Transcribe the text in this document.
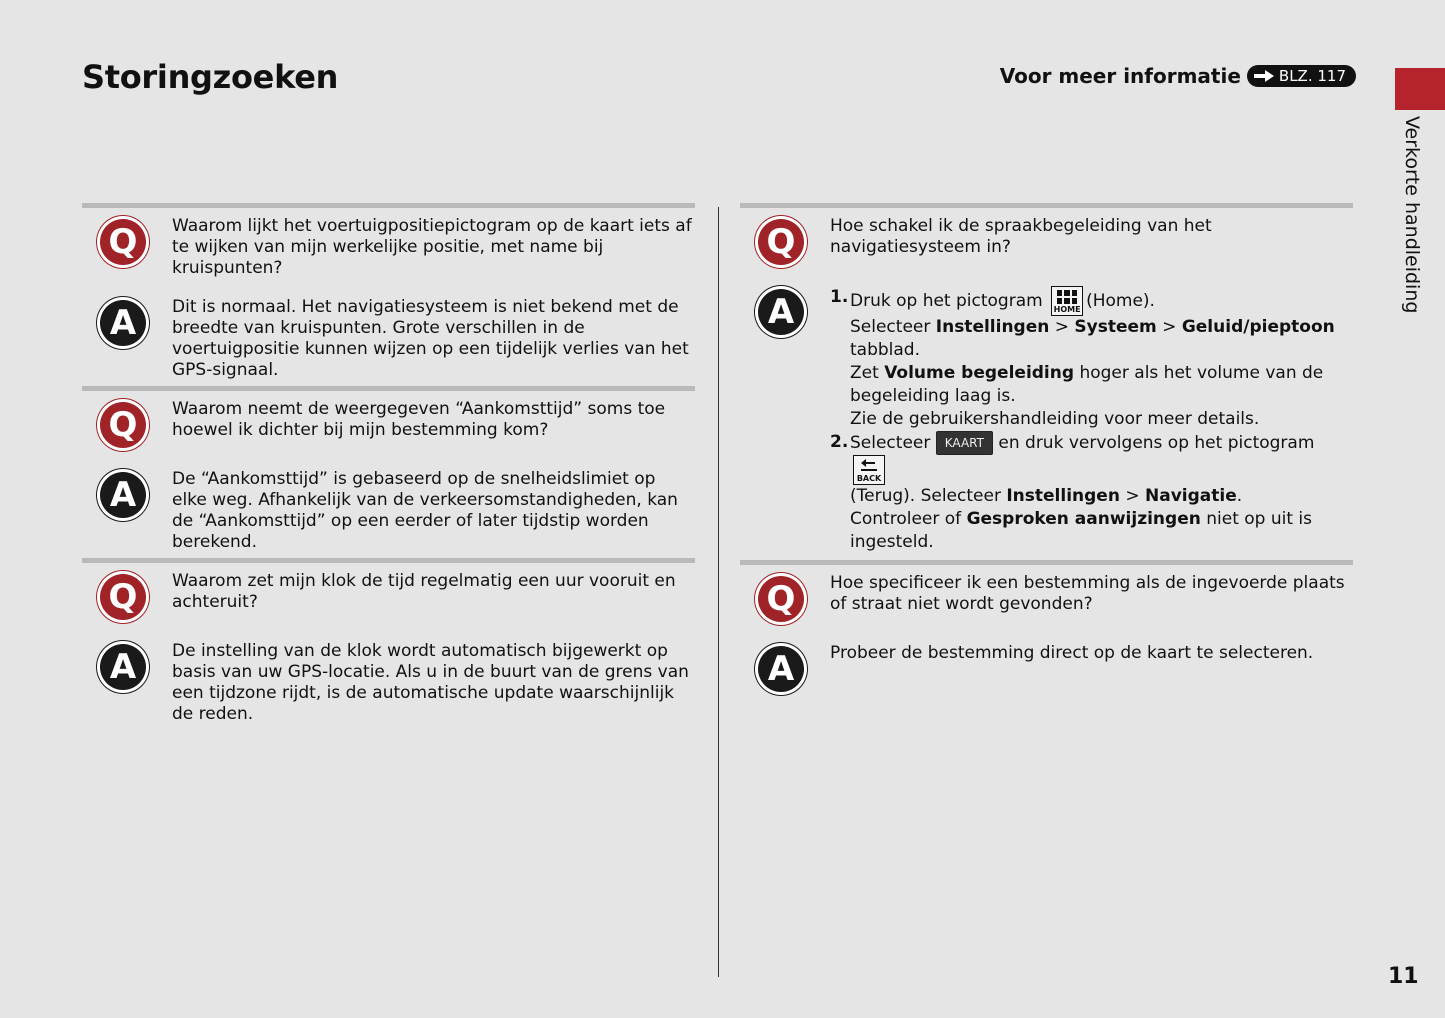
Storingzoeken	Voor meer informatie	BLZ. 117
Verkorte handleiding
Q	Waarom lijkt het voertuigpositiepictogram op de kaart iets af te wijken van mijn werkelijke positie, met name bij kruispunten?
A	Dit is normaal. Het navigatiesysteem is niet bekend met de breedte van kruispunten. Grote verschillen in de voertuigpositie kunnen wijzen op een tijdelijk verlies van het GPS-signaal.
Q	Waarom neemt de weergegeven “Aankomsttijd” soms toe hoewel ik dichter bij mijn bestemming kom?
A	De “Aankomsttijd” is gebaseerd op de snelheidslimiet op elke weg. Afhankelijk van de verkeersomstandigheden, kan de “Aankomsttijd” op een eerder of later tijdstip worden berekend.
Q	Waarom zet mijn klok de tijd regelmatig een uur vooruit en achteruit?
A	De instelling van de klok wordt automatisch bijgewerkt op basis van uw GPS-locatie. Als u in de buurt van de grens van een tijdzone rijdt, is de automatische update waarschijnlijk de reden.
Q	Hoe schakel ik de spraakbegeleiding van het navigatiesysteem in?
A	1. Druk op het pictogram HOME (Home).
Selecteer Instellingen > Systeem > Geluid/pieptoon tabblad.
Zet Volume begeleiding hoger als het volume van de begeleiding laag is.
Zie de gebruikershandleiding voor meer details.
2. Selecteer KAART en druk vervolgens op het pictogram
BACK

(Terug). Selecteer Instellingen > Navigatie.
Controleer of Gesproken aanwijzingen niet op uit is ingesteld.
Q	Hoe specificeer ik een bestemming als de ingevoerde plaats of straat niet wordt gevonden?
A	Probeer de bestemming direct op de kaart te selecteren.
11
